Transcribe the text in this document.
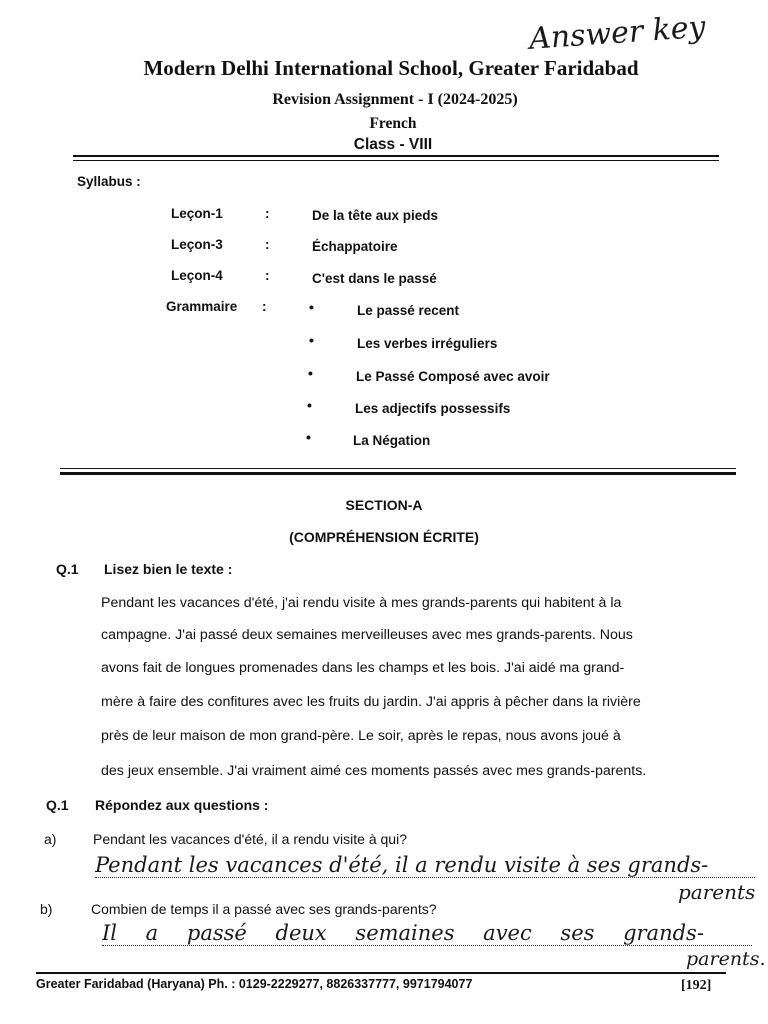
Answer key
Modern Delhi International School, Greater Faridabad
Revision Assignment - I (2024-2025)
French
Class - VIII
Syllabus :
Leçon-1	:	De la tête aux pieds
Leçon-3	:	Échappatoire
Leçon-4	:	C'est dans le passé
Grammaire :	•	Le passé recent
•	Les verbes irréguliers
•	Le Passé Composé avec avoir
•	Les adjectifs possessifs
•	La Négation
SECTION-A
(COMPRÉHENSION ÉCRITE)
Q.1 Lisez bien le texte :
Pendant les vacances d'été, j'ai rendu visite à mes grands-parents qui habitent à la
campagne. J'ai passé deux semaines merveilleuses avec mes grands-parents. Nous
avons fait de longues promenades dans les champs et les bois. J'ai aidé ma grand-
mère à faire des confitures avec les fruits du jardin. J'ai appris à pêcher dans la rivière
près de leur maison de mon grand-père. Le soir, après le repas, nous avons joué à
des jeux ensemble. J'ai vraiment aimé ces moments passés avec mes grands-parents.
Q.1 Répondez aux questions :
a)	Pendant les vacances d'été, il a rendu visite à qui?
Pendant les vacances d'été, il a rendu visite à ses grands-
parents
b)	Combien de temps il a passé avec ses grands-parents?
Il a passé deux semaines avec ses grands-
parents.
Greater Faridabad (Haryana) Ph. : 0129-2229277, 8826337777, 9971794077	[192]
